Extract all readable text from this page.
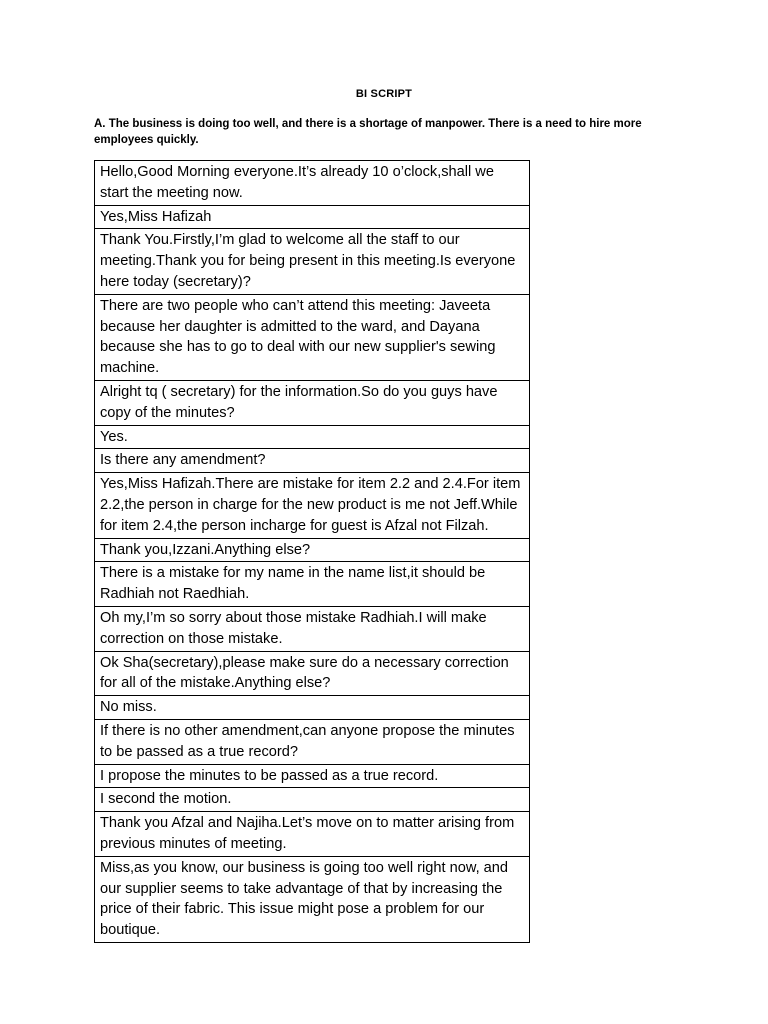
BI SCRIPT
A. The business is doing too well, and there is a shortage of manpower. There is a need to hire more employees quickly.
Hello,Good Morning everyone.It’s already 10 o’clock,shall we start the meeting now.
Yes,Miss Hafizah
Thank You.Firstly,I’m glad to welcome all the staff to our meeting.Thank you for being present in this meeting.Is everyone here today (secretary)?
There are two people who can’t attend this meeting: Javeeta because her daughter is admitted to the ward, and Dayana because she has to go to deal with our new supplier's sewing machine.
Alright tq ( secretary) for the information.So do you guys have copy of the minutes?
Yes.
Is there any amendment?
Yes,Miss Hafizah.There are mistake for item 2.2 and 2.4.For item 2.2,the person in charge for the new product is me not Jeff.While for item 2.4,the person incharge for guest is Afzal not Filzah.
Thank you,Izzani.Anything else?
There is a mistake for my name in the name list,it should be Radhiah not Raedhiah.
Oh my,I’m so sorry about those mistake Radhiah.I will make correction on those mistake.
Ok Sha(secretary),please make sure do a necessary correction for all of the mistake.Anything else?
No miss.
If there is no other amendment,can anyone propose the minutes to be passed as a true record?
I propose the minutes to be passed as a true record.
I second the motion.
Thank you Afzal and Najiha.Let’s move on to matter arising from previous minutes of meeting.
Miss,as you know, our business is going too well right now, and our supplier seems to take advantage of that by increasing the price of their fabric. This issue might pose a problem for our boutique.
